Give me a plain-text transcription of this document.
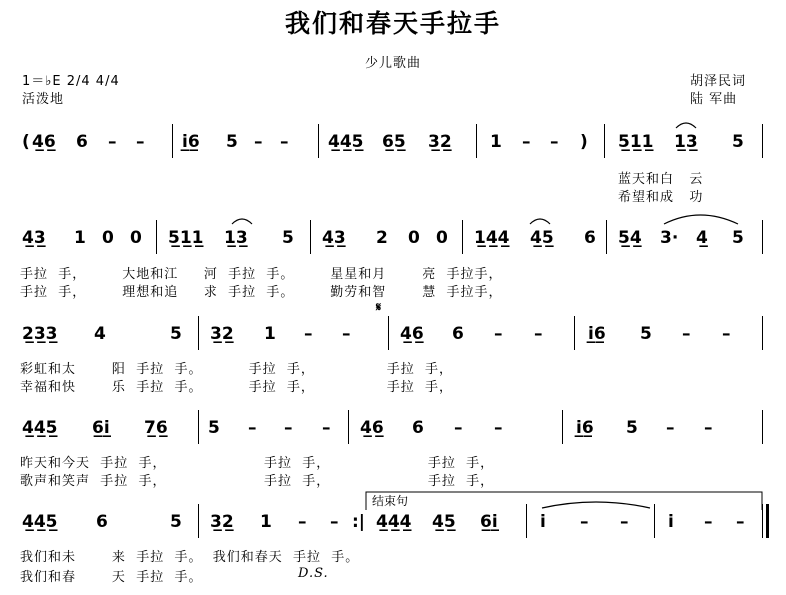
我们和春天手拉手
少儿歌曲
1＝♭E 2/4 4/4
活泼地
胡泽民词
陆 军曲
( 4̲6̲ 6 – – i̲6̲ 5 – – 4̲4̲5̲ 6̲5̲ 3̲2̲ 1 – – ) 5̲1̲1̲ 1̲3̲ 5
蓝天和白   云
希望和成   功
4̲3̲ 1 0 0 5̲1̲1̲ 1̲3̲ 5 4̲3̲ 2 0 0 1̲4̲4̲ 4̲5̲ 6 5̲4̲ 3· 4̲ 5
手拉  手，       大地和江     河  手拉  手。       星星和月       亮  手拉手，
手拉  手，       理想和追     求  手拉  手。       勤劳和智       慧  手拉手，
𝄋
2̲3̲3̲ 4	5 3̲2̲ 1 – –	4̲6̲ 6 – –	i̲6̲ 5 – –
彩虹和太       阳  手拉  手。         手拉  手，              手拉  手，
幸福和快       乐  手拉  手。         手拉  手，              手拉  手，
4̲4̲5̲ 6̲i̲ 7̲6̲ 5 – – – 4̲6̲ 6 – –	i̲6̲ 5 – –
昨天和今天  手拉  手，                   手拉  手，                   手拉  手，
歌声和笑声  手拉  手，                   手拉  手，                   手拉  手，
结束句
4̲4̲5̲ 6	5 3̲2̲ 1 – – :| 4̲4̲4̲ 4̲5̲ 6̲i̲ i – – i – –
我们和未       来  手拉  手。  我们和春天  手拉  手。
我们和春       天  手拉  手。	D.S.
